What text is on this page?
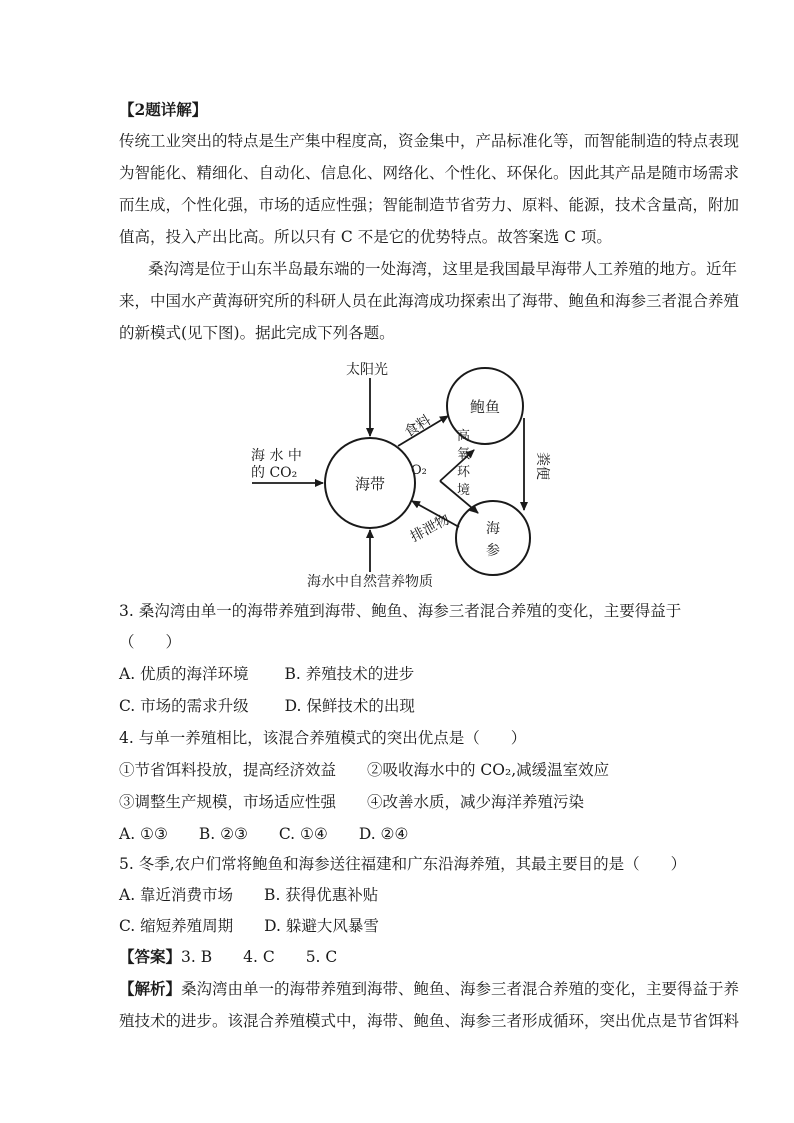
【2题详解】
传统工业突出的特点是生产集中程度高，资金集中，产品标准化等，而智能制造的特点表现
为智能化、精细化、自动化、信息化、网络化、个性化、环保化。因此其产品是随市场需求
而生成，个性化强，市场的适应性强；智能制造节省劳力、原料、能源，技术含量高，附加
值高，投入产出比高。所以只有 C 不是它的优势特点。故答案选 C 项。
桑沟湾是位于山东半岛最东端的一处海湾，这里是我国最早海带人工养殖的地方。近年
来，中国水产黄海研究所的科研人员在此海湾成功探索出了海带、鲍鱼和海参三者混合养殖
的新模式(见下图)。据此完成下列各题。
太阳光
海 水 中
的 CO₂
海带
鲍鱼
海
参
食料
O₂
高
氧
环
境
粪便
排泄物
海水中自然营养物质
3. 桑沟湾由单一的海带养殖到海带、鲍鱼、海参三者混合养殖的变化，主要得益于
（　　）
A. 优质的海洋环境　　 B. 养殖技术的进步
C. 市场的需求升级　　 D. 保鲜技术的出现
4. 与单一养殖相比，该混合养殖模式的突出优点是（　　）
①节省饵料投放，提高经济效益　　②吸收海水中的 CO₂,减缓温室效应
③调整生产规模，市场适应性强　　④改善水质，减少海洋养殖污染
A. ①③　　B. ②③　　C. ①④　　D. ②④
5. 冬季,农户们常将鲍鱼和海参送往福建和广东沿海养殖，其最主要目的是（　　）
A. 靠近消费市场　　B. 获得优惠补贴
C. 缩短养殖周期　　D. 躲避大风暴雪
【答案】3. B　　4. C　　5. C
【解析】桑沟湾由单一的海带养殖到海带、鲍鱼、海参三者混合养殖的变化，主要得益于养
殖技术的进步。该混合养殖模式中，海带、鲍鱼、海参三者形成循环，突出优点是节省饵料
